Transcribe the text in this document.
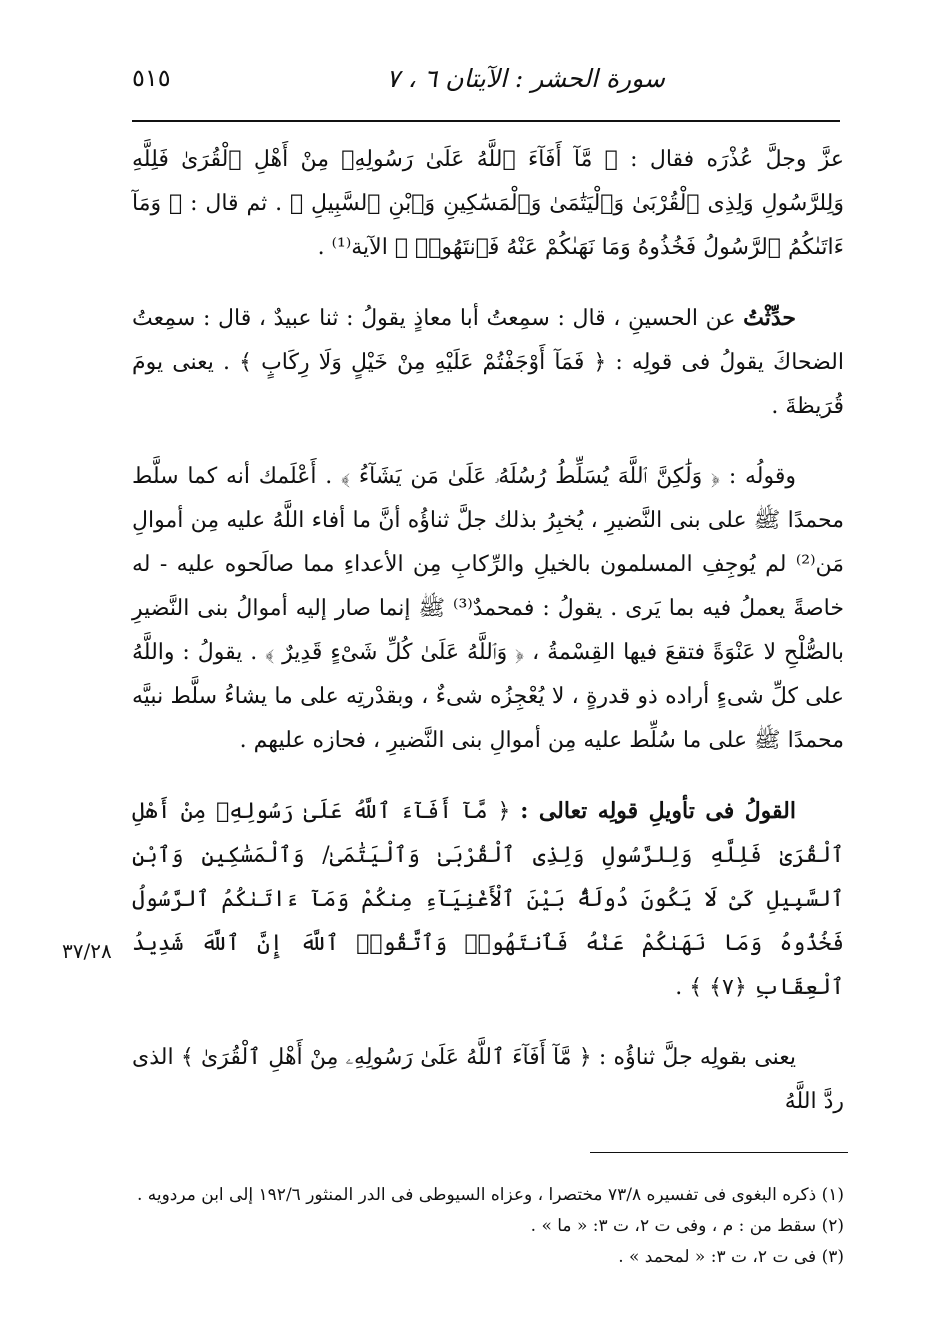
سورة الحشر : الآيتان ٦ ، ٧
٥١٥

عزَّ وجلَّ عُذْرَه فقال : ﴿ مَّآ أَفَآءَ ٱللَّهُ عَلَىٰ رَسُولِهِۦ مِنْ أَهْلِ ٱلْقُرَىٰ فَلِلَّهِ وَلِلرَّسُولِ وَلِذِى ٱلْقُرْبَىٰ وَٱلْيَتَٰمَىٰ وَٱلْمَسَٰكِينِ وَٱبْنِ ٱلسَّبِيلِ ﴾ . ثم قال : ﴿ وَمَآ ءَاتَىٰكُمُ ٱلرَّسُولُ فَخُذُوهُ وَمَا نَهَىٰكُمْ عَنْهُ فَٱنتَهُوا۟ ﴾ الآية⁽¹⁾ .

حدِّثْتُ عن الحسينِ ، قال : سمِعتُ أبا معاذٍ يقولُ : ثنا عبيدٌ ، قال : سمِعتُ الضحاكَ يقولُ فى قولِه : ﴿ فَمَآ أَوْجَفْتُمْ عَلَيْهِ مِنْ خَيْلٍ وَلَا رِكَابٍ ﴾ . يعنى يومَ قُرَيظةَ .

وقولُه : ﴿ وَلَٰكِنَّ ٱللَّهَ يُسَلِّطُ رُسُلَهُۥ عَلَىٰ مَن يَشَآءُ ﴾ . أَعْلَمك أنه كما سلَّط محمدًا ﷺ على بنى النَّضيرِ ، يُخبِرُ بذلك جلَّ ثناؤُه أنَّ ما أفاء اللَّهُ عليه مِن أموالِ مَن⁽²⁾ لم يُوجِفِ المسلمون بالخيلِ والرِّكابِ مِن الأعداءِ مما صالَحوه عليه - له خاصةً يعملُ فيه بما يَرى . يقولُ : فمحمدٌ⁽³⁾ ﷺ إنما صار إليه أموالُ بنى النَّضيرِ بالصُّلْحِ لا عَنْوَةً فتقعَ فيها القِسْمةُ ، ﴿ وَٱللَّهُ عَلَىٰ كُلِّ شَىْءٍ قَدِيرٌ ﴾ . يقولُ : واللَّهُ على كلِّ شىءٍ أراده ذو قدرةٍ ، لا يُعْجِزُه شىءٌ ، وبقدْرتِه على ما يشاءُ سلَّط نبيَّه محمدًا ﷺ على ما سُلِّط عليه مِن أموالِ بنى النَّضيرِ ، فحازه عليهم .

القولُ فى تأويلِ قولِه تعالى : ﴿ مَّآ أَفَآءَ ٱللَّهُ عَلَىٰ رَسُولِهِۦ مِنْ أَهْلِ ٱلْقُرَىٰ فَلِلَّهِ وَلِلرَّسُولِ وَلِذِى ٱلْقُرْبَىٰ وَٱلْيَتَٰمَىٰ/ وَٱلْمَسَٰكِينِ وَٱبْنِ ٱلسَّبِيلِ كَىْ لَا يَكُونَ دُولَةًۢ بَيْنَ ٱلْأَغْنِيَآءِ مِنكُمْ وَمَآ ءَاتَىٰكُمُ ٱلرَّسُولُ فَخُذُوهُ وَمَا نَهَىٰكُمْ عَنْهُ فَٱنتَهُوا۟ وَٱتَّقُوا۟ ٱللَّهَ إِنَّ ٱللَّهَ شَدِيدُ ٱلْعِقَابِ ﴿٧﴾ ﴾ .

يعنى بقولِه جلَّ ثناؤُه : ﴿ مَّآ أَفَآءَ ٱللَّهُ عَلَىٰ رَسُولِهِۦ مِنْ أَهْلِ ٱلْقُرَىٰ ﴾ الذى ردَّ اللَّهُ

٣٧/٢٨
(١) ذكره البغوى فى تفسيره ٧٣/٨ مختصرا ، وعزاه السيوطى فى الدر المنثور ١٩٢/٦ إلى ابن مردويه .
(٢) سقط من : م ، وفى ت ٢، ت ٣: « ما » .
(٣) فى ت ٢، ت ٣: « لمحمد » .
